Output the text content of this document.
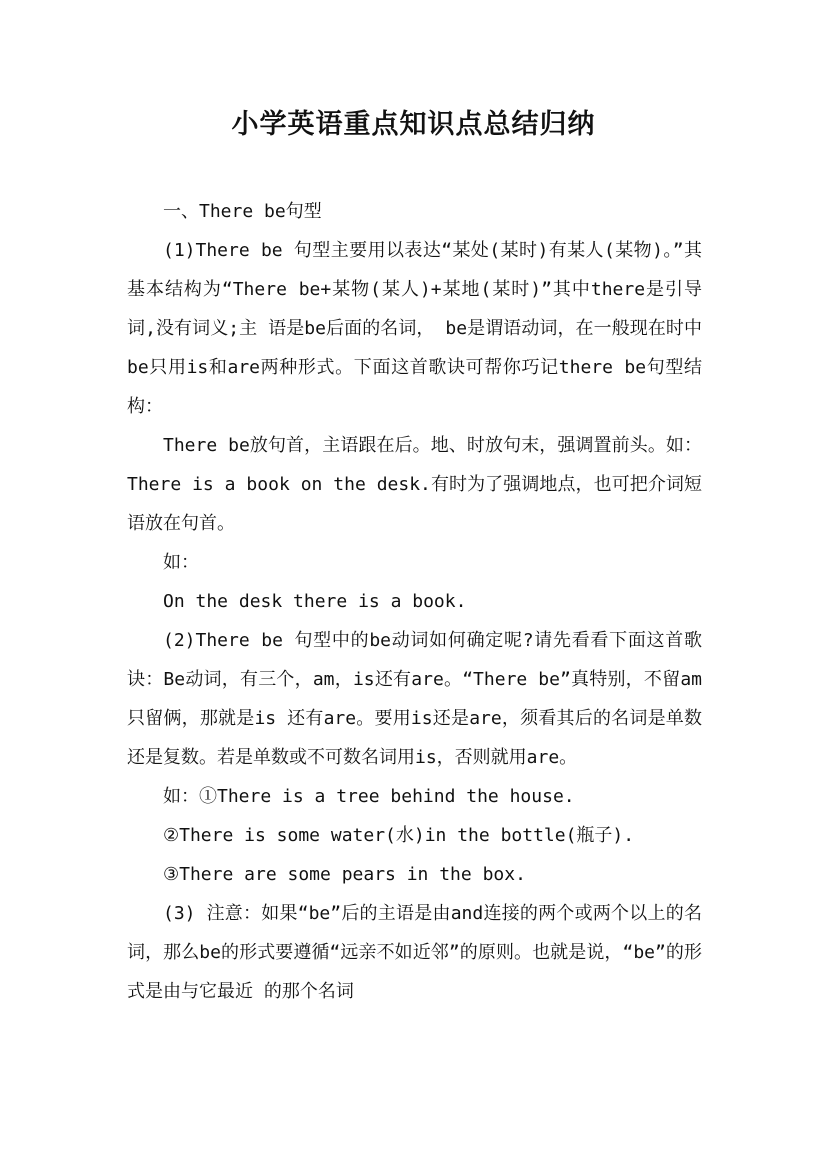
小学英语重点知识点总结归纳

一、There be句型

(1)There be 句型主要用以表达“某处(某时)有某人(某物)。”其基本结构为“There be+某物(某人)+某地(某时)”其中there是引导词,没有词义;主 语是be后面的名词， be是谓语动词，在一般现在时中be只用is和are两种形式。下面这首歌诀可帮你巧记there be句型结构：

There be放句首，主语跟在后。地、时放句末，强调置前头。如：There is a book on the desk.有时为了强调地点，也可把介词短语放在句首。

如：

On the desk there is a book.

(2)There be 句型中的be动词如何确定呢?请先看看下面这首歌诀：Be动词，有三个，am，is还有are。“There be”真特别，不留am只留俩，那就是is 还有are。要用is还是are，须看其后的名词是单数还是复数。若是单数或不可数名词用is，否则就用are。

如：①There is a tree behind the house.

②There is some water(水)in the bottle(瓶子).

③There are some pears in the box.

(3) 注意：如果“be”后的主语是由and连接的两个或两个以上的名词，那么be的形式要遵循“远亲不如近邻”的原则。也就是说，“be”的形式是由与它最近 的那个名词
